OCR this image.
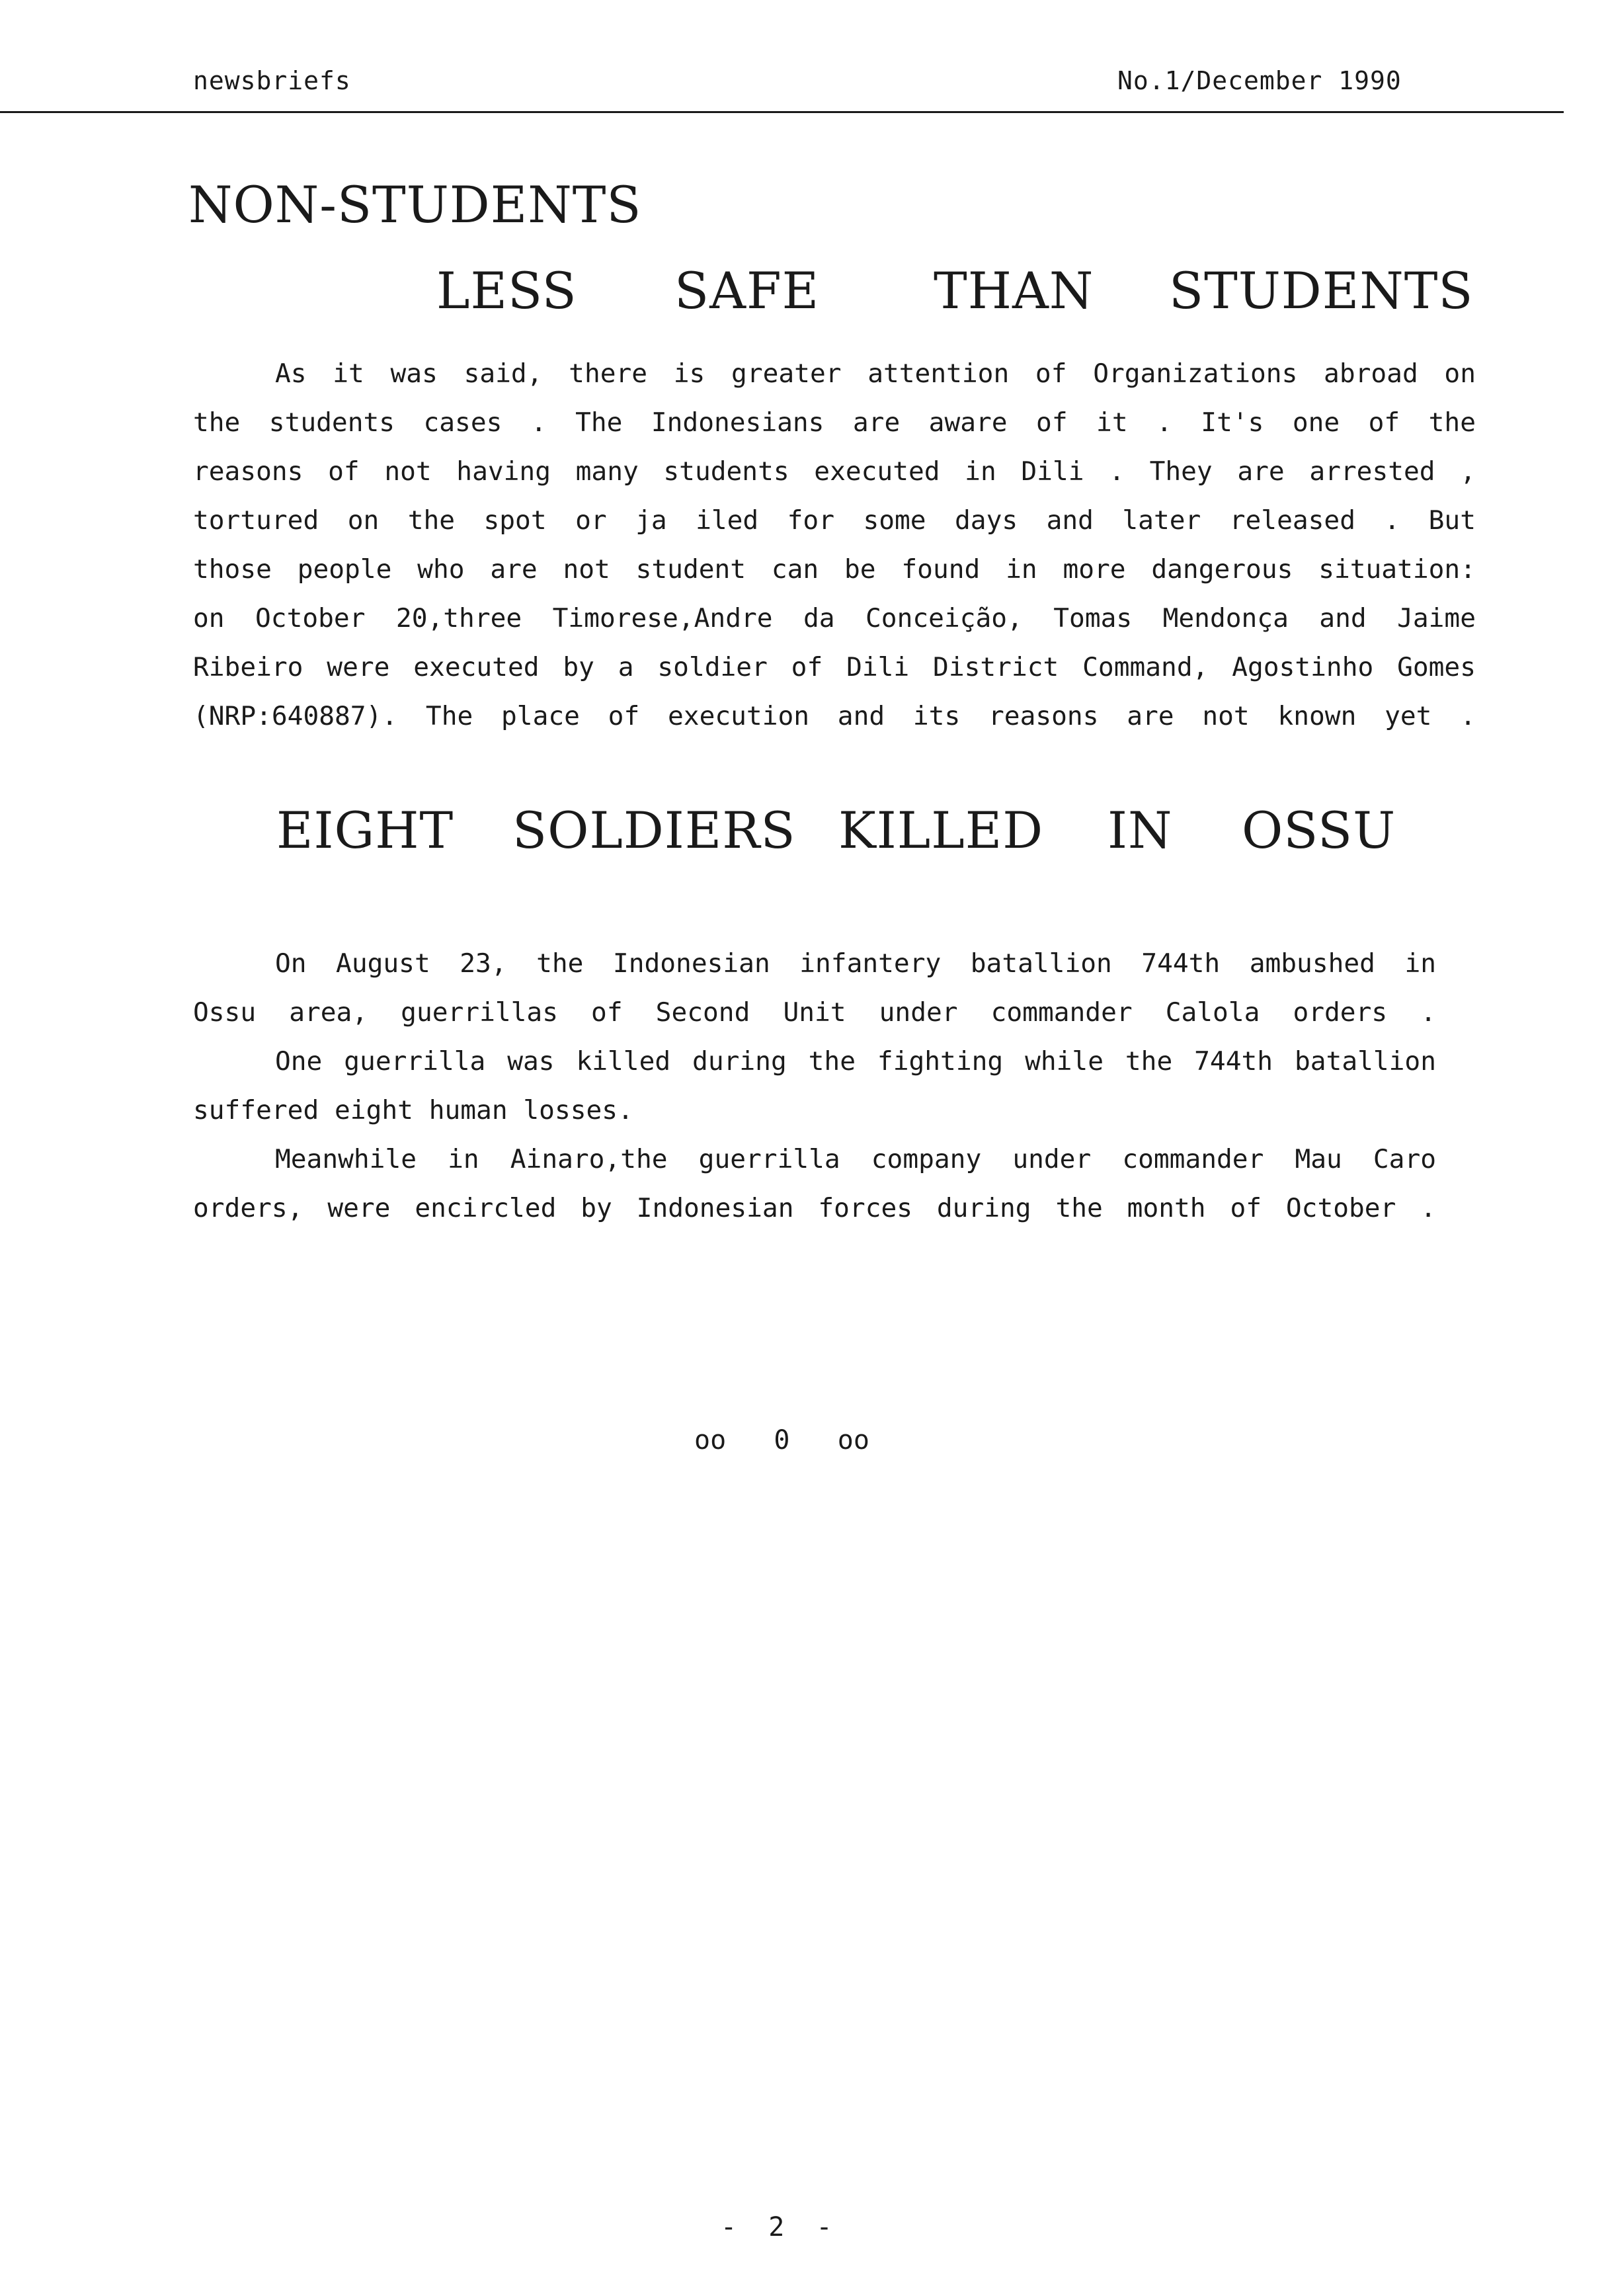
newsbriefs	No.1/December 1990
NON-STUDENTS
LESS SAFE THAN STUDENTS
As it was said, there is greater attention of Organizations abroad on
the students cases . The Indonesians are aware of it . It's one of the
reasons of not having many students executed in Dili . They are arrested ,
tortured on the spot or ja iled for some days and later released . But
those people who are not student can be found in more dangerous situation:
on October 20,three Timorese,Andre da Conceição, Tomas Mendonça and Jaime
Ribeiro were executed by a soldier of Dili District Command, Agostinho Gomes
(NRP:640887). The place of execution and its reasons are not known yet .
EIGHT SOLDIERS KILLED IN OSSU
On August 23, the Indonesian infantery batallion 744th ambushed in
Ossu area, guerrillas of Second Unit under commander Calola orders .
One guerrilla was killed during the fighting while the 744th batallion
suffered eight human losses.
Meanwhile in Ainaro,the guerrilla company under commander Mau Caro
orders, were encircled by Indonesian forces during the month of October .
oo   0   oo
-  2  -
